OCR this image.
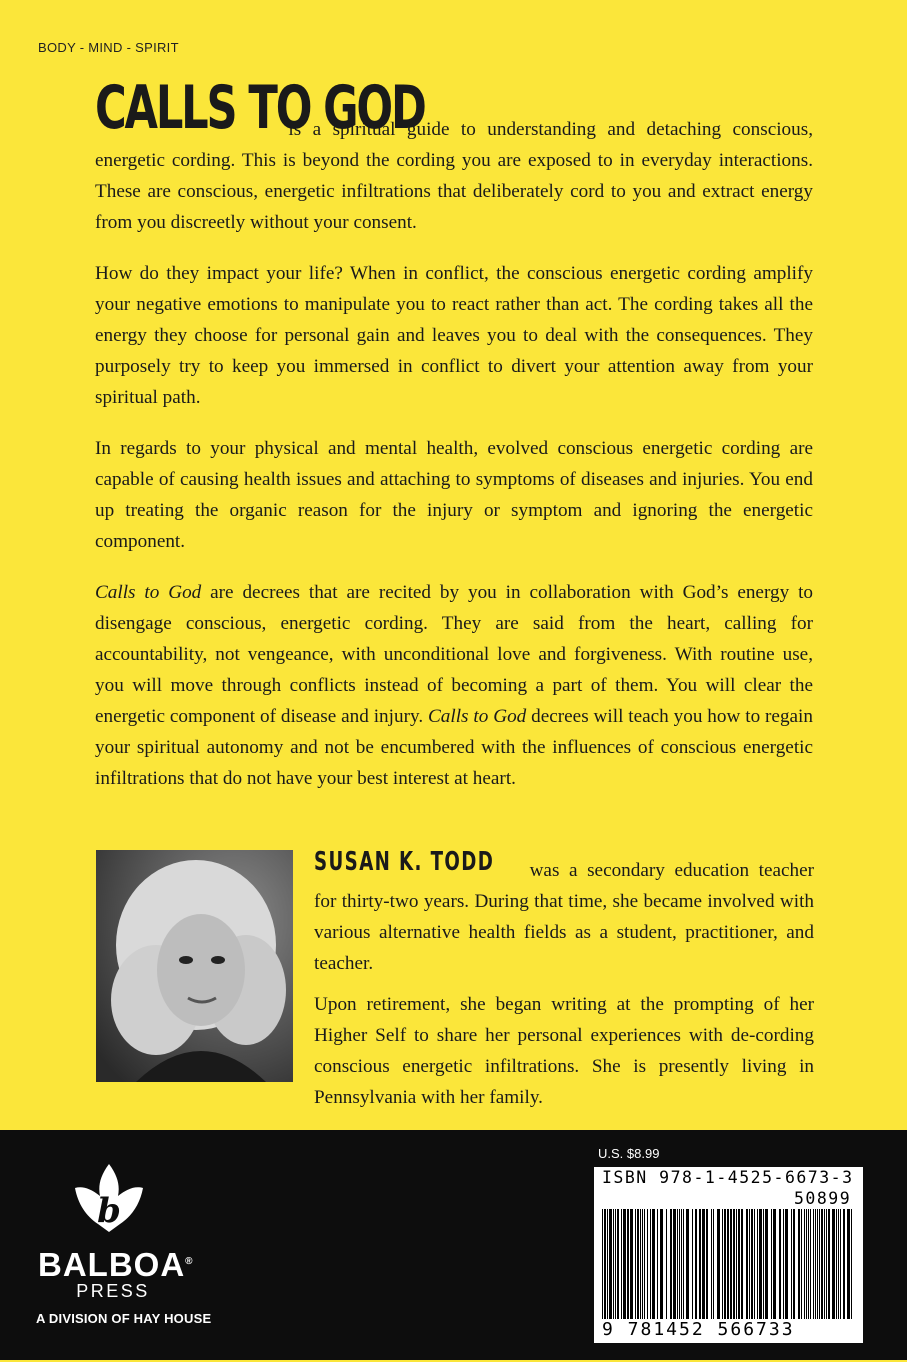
BODY - MIND - SPIRIT

CALLS TO GOD
is a spiritual guide to understanding and detaching conscious, energetic cording. This is beyond the cording you are exposed to in everyday interactions. These are conscious, energetic infiltrations that deliberately cord to you and extract energy from you discreetly without your consent.

How do they impact your life? When in conflict, the conscious energetic cording amplify your negative emotions to manipulate you to react rather than act. The cording takes all the energy they choose for personal gain and leaves you to deal with the consequences. They purposely try to keep you immersed in conflict to divert your attention away from your spiritual path.

In regards to your physical and mental health, evolved conscious energetic cording are capable of causing health issues and attaching to symptoms of diseases and injuries. You end up treating the organic reason for the injury or symptom and ignoring the energetic component.

Calls to God are decrees that are recited by you in collaboration with God’s energy to disengage conscious, energetic cording. They are said from the heart, calling for accountability, not vengeance, with unconditional love and forgiveness. With routine use, you will move through conflicts instead of becoming a part of them. You will clear the energetic component of disease and injury. Calls to God decrees will teach you how to regain your spiritual autonomy and not be encumbered with the influences of conscious energetic infiltrations that do not have your best interest at heart.

SUSAN K. TODD was a secondary education teacher for thirty-two years. During that time, she became involved with various alternative health fields as a student, practitioner, and teacher.

Upon retirement, she began writing at the prompting of her Higher Self to share her personal experiences with de-cording conscious energetic infiltrations. She is presently living in Pennsylvania with her family.

b
BALBOA®
PRESS
A DIVISION OF HAY HOUSE
U.S. $8.99
ISBN 978-1-4525-6673-3
50899
9 781452 566733
